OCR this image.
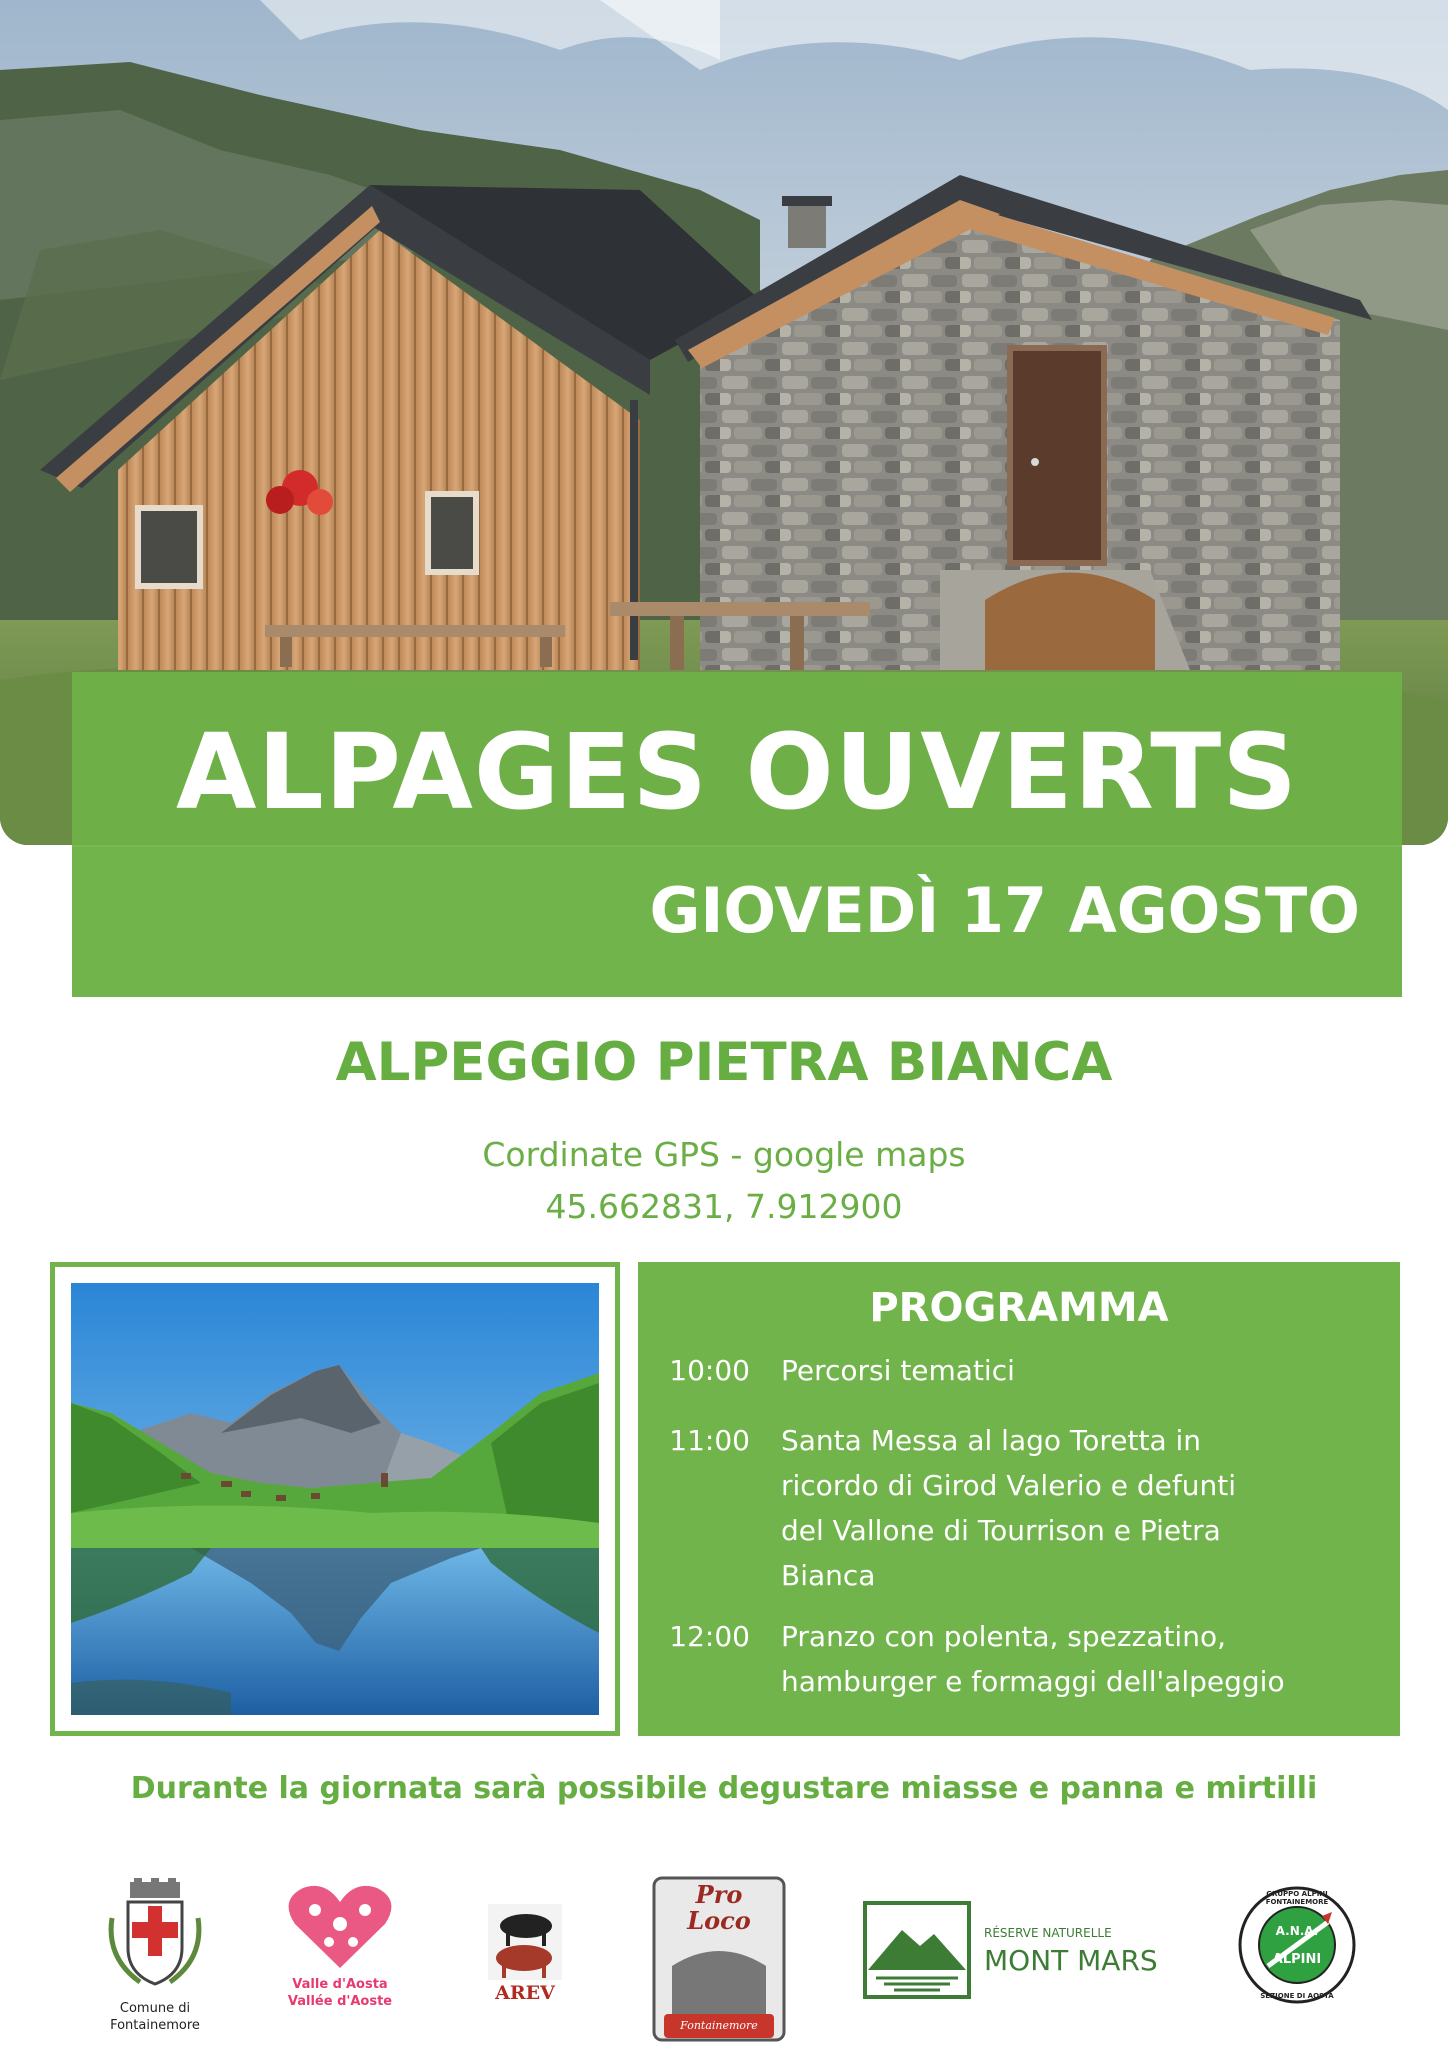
ALPAGES OUVERTS
GIOVEDÌ 17 AGOSTO
ALPEGGIO PIETRA BIANCA
Cordinate GPS - google maps
45.662831, 7.912900
PROGRAMMA
10:00 Percorsi tematici
11:00 Santa Messa al lago Toretta in
ricordo di Girod Valerio e defunti
del Vallone di Tourrison e Pietra
Bianca
12:00 Pranzo con polenta, spezzatino,
hamburger e formaggi dell'alpeggio
Durante la giornata sarà possibile degustare miasse e panna e mirtilli
Comune di
Fontainemore
Valle d'Aosta
Vallée d'Aoste	AREV
Pro
Loco
Fontainemore
RÉSERVE NATURELLE
MONT MARS
GRUPPO ALPINI FONTAINEMORE
SEZIONE DI AOSTA
A.N.A.
ALPINI
